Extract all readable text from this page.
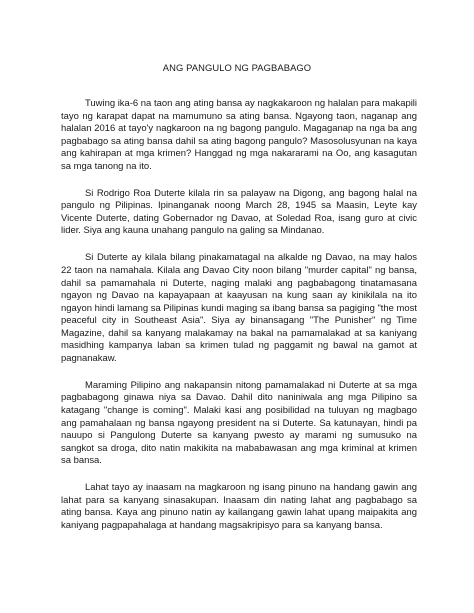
ANG PANGULO NG PAGBABAGO

Tuwing ika-6 na taon ang ating bansa ay nagkakaroon ng halalan para makapili tayo ng karapat dapat na mamumuno sa ating bansa. Ngayong taon, naganap ang halalan 2016 at tayo'y nagkaroon na ng bagong pangulo. Magaganap na nga ba ang pagbabago sa ating bansa dahil sa ating bagong pangulo? Masosolusyunan na kaya ang kahirapan at mga krimen? Hanggad ng mga nakararami na Oo, ang kasagutan sa mga tanong na ito.

Si Rodrigo Roa Duterte kilala rin sa palayaw na Digong, ang bagong halal na pangulo ng Pilipinas. Ipinanganak noong March 28, 1945 sa Maasin, Leyte kay Vicente Duterte, dating Gobernador ng Davao, at Soledad Roa, isang guro at civic lider. Siya ang kauna unahang pangulo na galing sa Mindanao.

Si Duterte ay kilala bilang pinakamatagal na alkalde ng Davao, na may halos 22 taon na namahala. Kilala ang Davao City noon bilang "murder capital" ng bansa, dahil sa pamamahala ni Duterte, naging malaki ang pagbabagong tinatamasana ngayon ng Davao na kapayapaan at kaayusan na kung saan ay kinikilala na ito ngayon hindi lamang sa Pilipinas kundi maging sa ibang bansa sa pagiging "the most peaceful city in Southeast Asia". Siya ay binansagang "The Punisher" ng Time Magazine, dahil sa kanyang malakamay na bakal na pamamalakad at sa kaniyang masidhing kampanya laban sa krimen tulad ng paggamit ng bawal na gamot at pagnanakaw.

Maraming Pilipino ang nakapansin nitong pamamalakad ni Duterte at sa mga pagbabagong ginawa niya sa Davao. Dahil dito naniniwala ang mga Pilipino sa katagang "change is coming". Malaki kasi ang posibilidad na tuluyan ng magbago ang pamahalaan ng bansa ngayong president na si Duterte. Sa katunayan, hindi pa nauupo si Pangulong Duterte sa kanyang pwesto ay marami ng sumusuko na sangkot sa droga, dito natin makikita na mababawasan ang mga kriminal at krimen sa bansa.

Lahat tayo ay inaasam na magkaroon ng isang pinuno na handang gawin ang lahat para sa kanyang sinasakupan. Inaasam din nating lahat ang pagbabago sa ating bansa. Kaya ang pinuno natin ay kailangang gawin lahat upang maipakita ang kaniyang pagpapahalaga at handang magsakripisyo para sa kanyang bansa.
